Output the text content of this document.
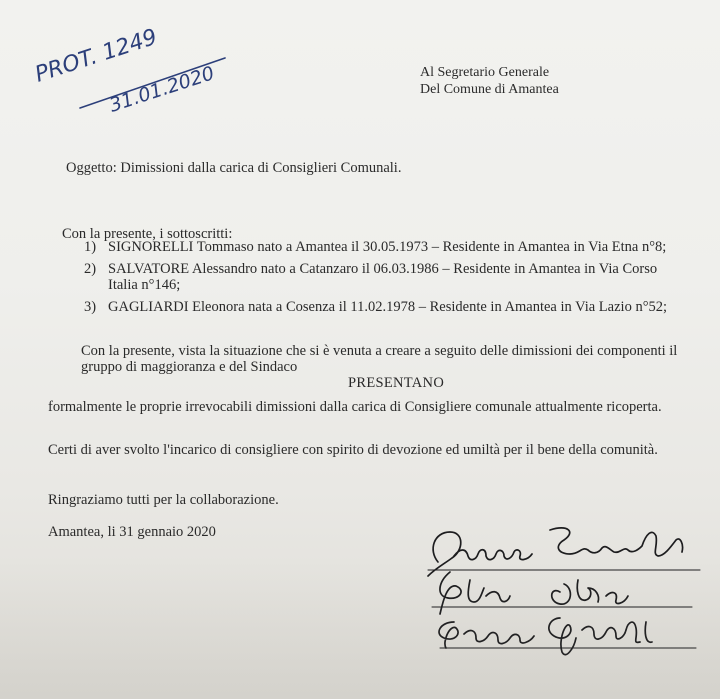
PROT. 1249
31.01.2020	Al Segretario Generale
Del Comune di Amantea
Oggetto: Dimissioni dalla carica di Consiglieri Comunali.
Con la presente, i sottoscritti:
1) SIGNORELLI Tommaso nato a Amantea il 30.05.1973 – Residente in Amantea in Via Etna n°8;
2) SALVATORE Alessandro nato a Catanzaro il 06.03.1986 – Residente in Amantea in Via Corso Italia n°146;
3) GAGLIARDI Eleonora nata a Cosenza il 11.02.1978 – Residente in Amantea in Via Lazio n°52;
Con la presente, vista la situazione che si è venuta a creare a seguito delle dimissioni dei componenti il gruppo di maggioranza e del Sindaco
PRESENTANO
formalmente le proprie irrevocabili dimissioni dalla carica di Consigliere comunale attualmente ricoperta.
Certi di aver svolto l'incarico di consigliere con spirito di devozione ed umiltà per il bene della comunità.
Ringraziamo tutti per la collaborazione.
Amantea, li 31 gennaio 2020
